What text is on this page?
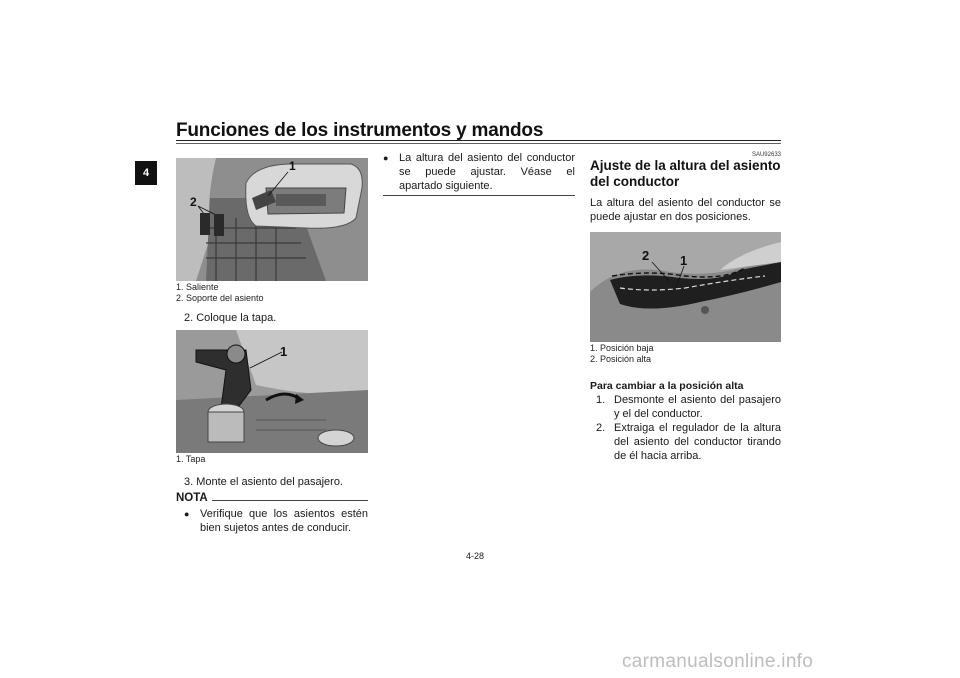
Funciones de los instrumentos y mandos
4	1
2
1. Saliente
2. Soporte del asiento
2. Coloque la tapa.
1
1. Tapa
3. Monte el asiento del pasajero.
NOTA
● Verifique que los asientos estén bien sujetos antes de conducir.
● La altura del asiento del conductor se puede ajustar. Véase el apartado siguiente.
SAU92633
Ajuste de la altura del asiento del conductor
La altura del asiento del conductor se puede ajustar en dos posiciones.
2 1
1. Posición baja
2. Posición alta
Para cambiar a la posición alta
1. Desmonte el asiento del pasajero y el del conductor.
2. Extraiga el regulador de la altura del asiento del conductor tirando de él hacia arriba.
4-28
carmanualsonline.info
